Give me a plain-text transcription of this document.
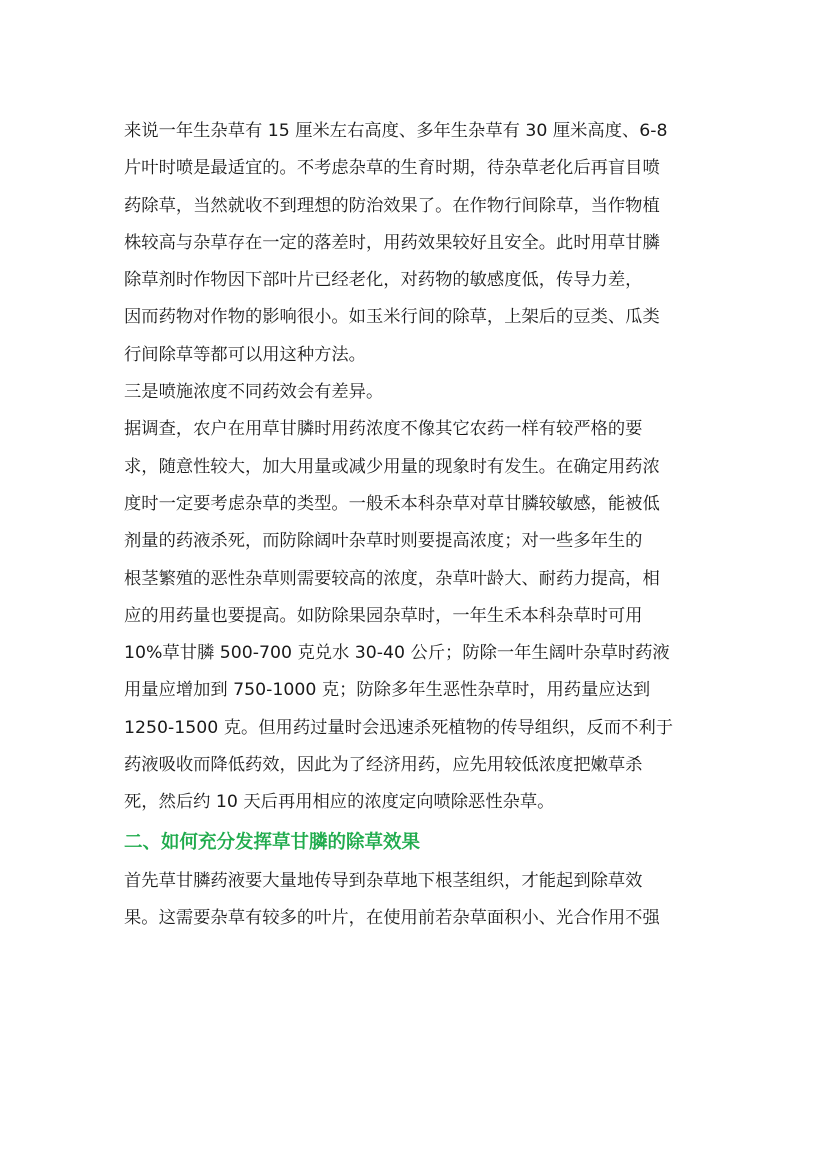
来说一年生杂草有 15 厘米左右高度、多年生杂草有 30 厘米高度、6-8
片叶时喷是最适宜的。不考虑杂草的生育时期，待杂草老化后再盲目喷
药除草，当然就收不到理想的防治效果了。在作物行间除草，当作物植
株较高与杂草存在一定的落差时，用药效果较好且安全。此时用草甘膦
除草剂时作物因下部叶片已经老化，对药物的敏感度低，传导力差，
因而药物对作物的影响很小。如玉米行间的除草，上架后的豆类、瓜类
行间除草等都可以用这种方法。
三是喷施浓度不同药效会有差异。
据调查，农户在用草甘膦时用药浓度不像其它农药一样有较严格的要
求，随意性较大，加大用量或减少用量的现象时有发生。在确定用药浓
度时一定要考虑杂草的类型。一般禾本科杂草对草甘膦较敏感，能被低
剂量的药液杀死，而防除阔叶杂草时则要提高浓度；对一些多年生的
根茎繁殖的恶性杂草则需要较高的浓度，杂草叶龄大、耐药力提高，相
应的用药量也要提高。如防除果园杂草时，一年生禾本科杂草时可用
10%草甘膦 500-700 克兑水 30-40 公斤；防除一年生阔叶杂草时药液
用量应增加到 750-1000 克；防除多年生恶性杂草时，用药量应达到
1250-1500 克。但用药过量时会迅速杀死植物的传导组织，反而不利于
药液吸收而降低药效，因此为了经济用药，应先用较低浓度把嫩草杀
死，然后约 10 天后再用相应的浓度定向喷除恶性杂草。
二、如何充分发挥草甘膦的除草效果
首先草甘膦药液要大量地传导到杂草地下根茎组织，才能起到除草效
果。这需要杂草有较多的叶片，在使用前若杂草面积小、光合作用不强
